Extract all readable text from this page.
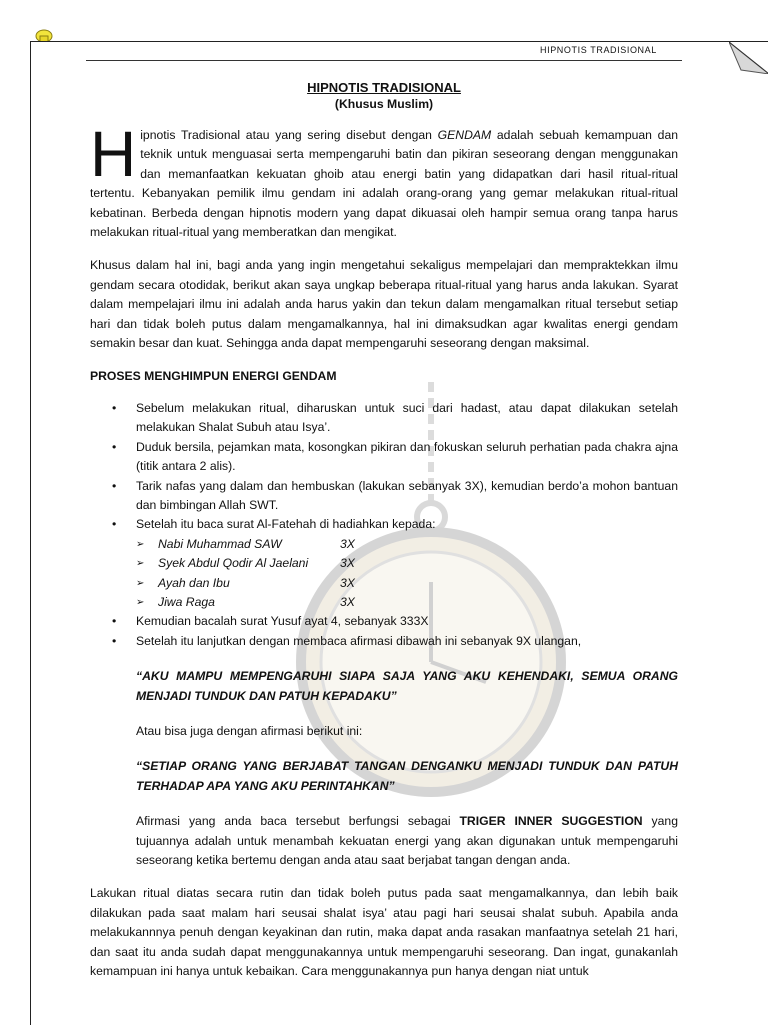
HIPNOTIS TRADISIONAL

HIPNOTIS TRADISIONAL

(Khusus Muslim)

Hipnotis Tradisional atau yang sering disebut dengan GENDAM adalah sebuah kemampuan dan teknik untuk menguasai serta mempengaruhi batin dan pikiran seseorang dengan menggunakan dan memanfaatkan kekuatan ghoib atau energi batin yang didapatkan dari hasil ritual-ritual tertentu. Kebanyakan pemilik ilmu gendam ini adalah orang-orang yang gemar melakukan ritual-ritual kebatinan. Berbeda dengan hipnotis modern yang dapat dikuasai oleh hampir semua orang tanpa harus melakukan ritual-ritual yang memberatkan dan mengikat.

Khusus dalam hal ini, bagi anda yang ingin mengetahui sekaligus mempelajari dan mempraktekkan ilmu gendam secara otodidak, berikut akan saya ungkap beberapa ritual-ritual yang harus anda lakukan. Syarat dalam mempelajari ilmu ini adalah anda harus yakin dan tekun dalam mengamalkan ritual tersebut setiap hari dan tidak boleh putus dalam mengamalkannya, hal ini dimaksudkan agar kwalitas energi gendam semakin besar dan kuat. Sehingga anda dapat mempengaruhi seseorang dengan maksimal.

PROSES MENGHIMPUN ENERGI GENDAM

• Sebelum melakukan ritual, diharuskan untuk suci dari hadast, atau dapat dilakukan setelah melakukan Shalat Subuh atau Isya’.
• Duduk bersila, pejamkan mata, kosongkan pikiran dan fokuskan seluruh perhatian pada chakra ajna (titik antara 2 alis).
• Tarik nafas yang dalam dan hembuskan (lakukan sebanyak 3X), kemudian berdo’a mohon bantuan dan bimbingan Allah SWT.
• Setelah itu baca surat Al-Fatehah di hadiahkan kepada:
➢ Nabi Muhammad SAW	3X
➢ Syek Abdul Qodir Al Jaelani	3X
➢ Ayah dan Ibu	3X
➢ Jiwa Raga	3X
• Kemudian bacalah surat Yusuf ayat 4, sebanyak 333X
• Setelah itu lanjutkan dengan membaca afirmasi dibawah ini sebanyak 9X ulangan,

“AKU MAMPU MEMPENGARUHI SIAPA SAJA YANG AKU KEHENDAKI, SEMUA ORANG MENJADI TUNDUK DAN PATUH KEPADAKU”

Atau bisa juga dengan afirmasi berikut ini:

“SETIAP ORANG YANG BERJABAT TANGAN DENGANKU MENJADI TUNDUK DAN PATUH TERHADAP APA YANG AKU PERINTAHKAN”

Afirmasi yang anda baca tersebut berfungsi sebagai TRIGER INNER SUGGESTION yang tujuannya adalah untuk menambah kekuatan energi yang akan digunakan untuk mempengaruhi seseorang ketika bertemu dengan anda atau saat berjabat tangan dengan anda.

Lakukan ritual diatas secara rutin dan tidak boleh putus pada saat mengamalkannya, dan lebih baik dilakukan pada saat malam hari seusai shalat isya’ atau pagi hari seusai shalat subuh. Apabila anda melakukannnya penuh dengan keyakinan dan rutin, maka dapat anda rasakan manfaatnya setelah 21 hari, dan saat itu anda sudah dapat menggunakannya untuk mempengaruhi seseorang. Dan ingat, gunakanlah kemampuan ini hanya untuk kebaikan. Cara menggunakannya pun hanya dengan niat untuk
